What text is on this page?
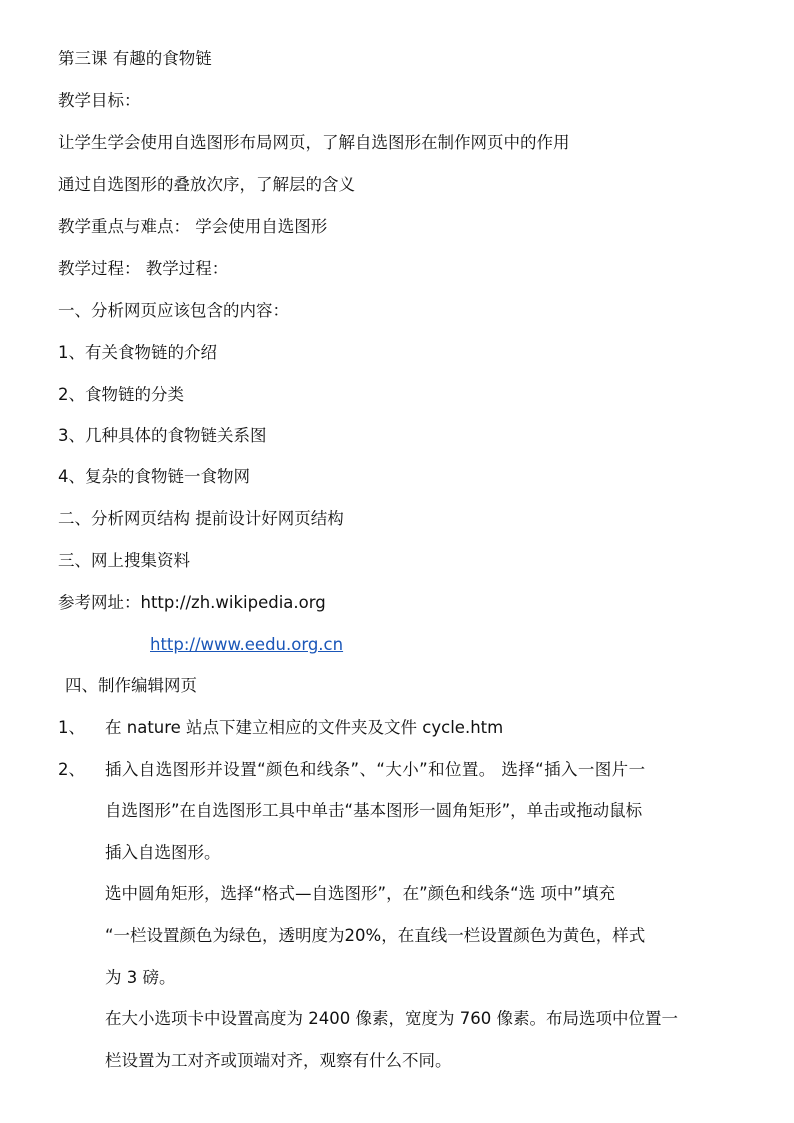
第三课 有趣的食物链
教学目标：
让学生学会使用自选图形布局网页，了解自选图形在制作网页中的作用
通过自选图形的叠放次序，了解层的含义
教学重点与难点： 学会使用自选图形
教学过程： 教学过程：
一、分析网页应该包含的内容：
1、有关食物链的介绍
2、食物链的分类
3、几种具体的食物链关系图
4、复杂的食物链一食物网
二、分析网页结构 提前设计好网页结构
三、网上搜集资料
参考网址：http://zh.wikipedia.org
http://www.eedu.org.cn
四、制作编辑网页
1、 在 nature 站点下建立相应的文件夹及文件 cycle.htm
2、 插入自选图形并设置“颜色和线条”、“大小”和位置。 选择“插入一图片一
自选图形”在自选图形工具中单击“基本图形一圆角矩形”，单击或拖动鼠标
插入自选图形。
选中圆角矩形，选择“格式—自选图形”，在”颜色和线条“选 项中”填充
“一栏设置颜色为绿色，透明度为20%，在直线一栏设置颜色为黄色，样式
为 3 磅。
在大小选项卡中设置高度为 2400 像素，宽度为 760 像素。布局选项中位置一
栏设置为工对齐或顶端对齐，观察有什么不同。
